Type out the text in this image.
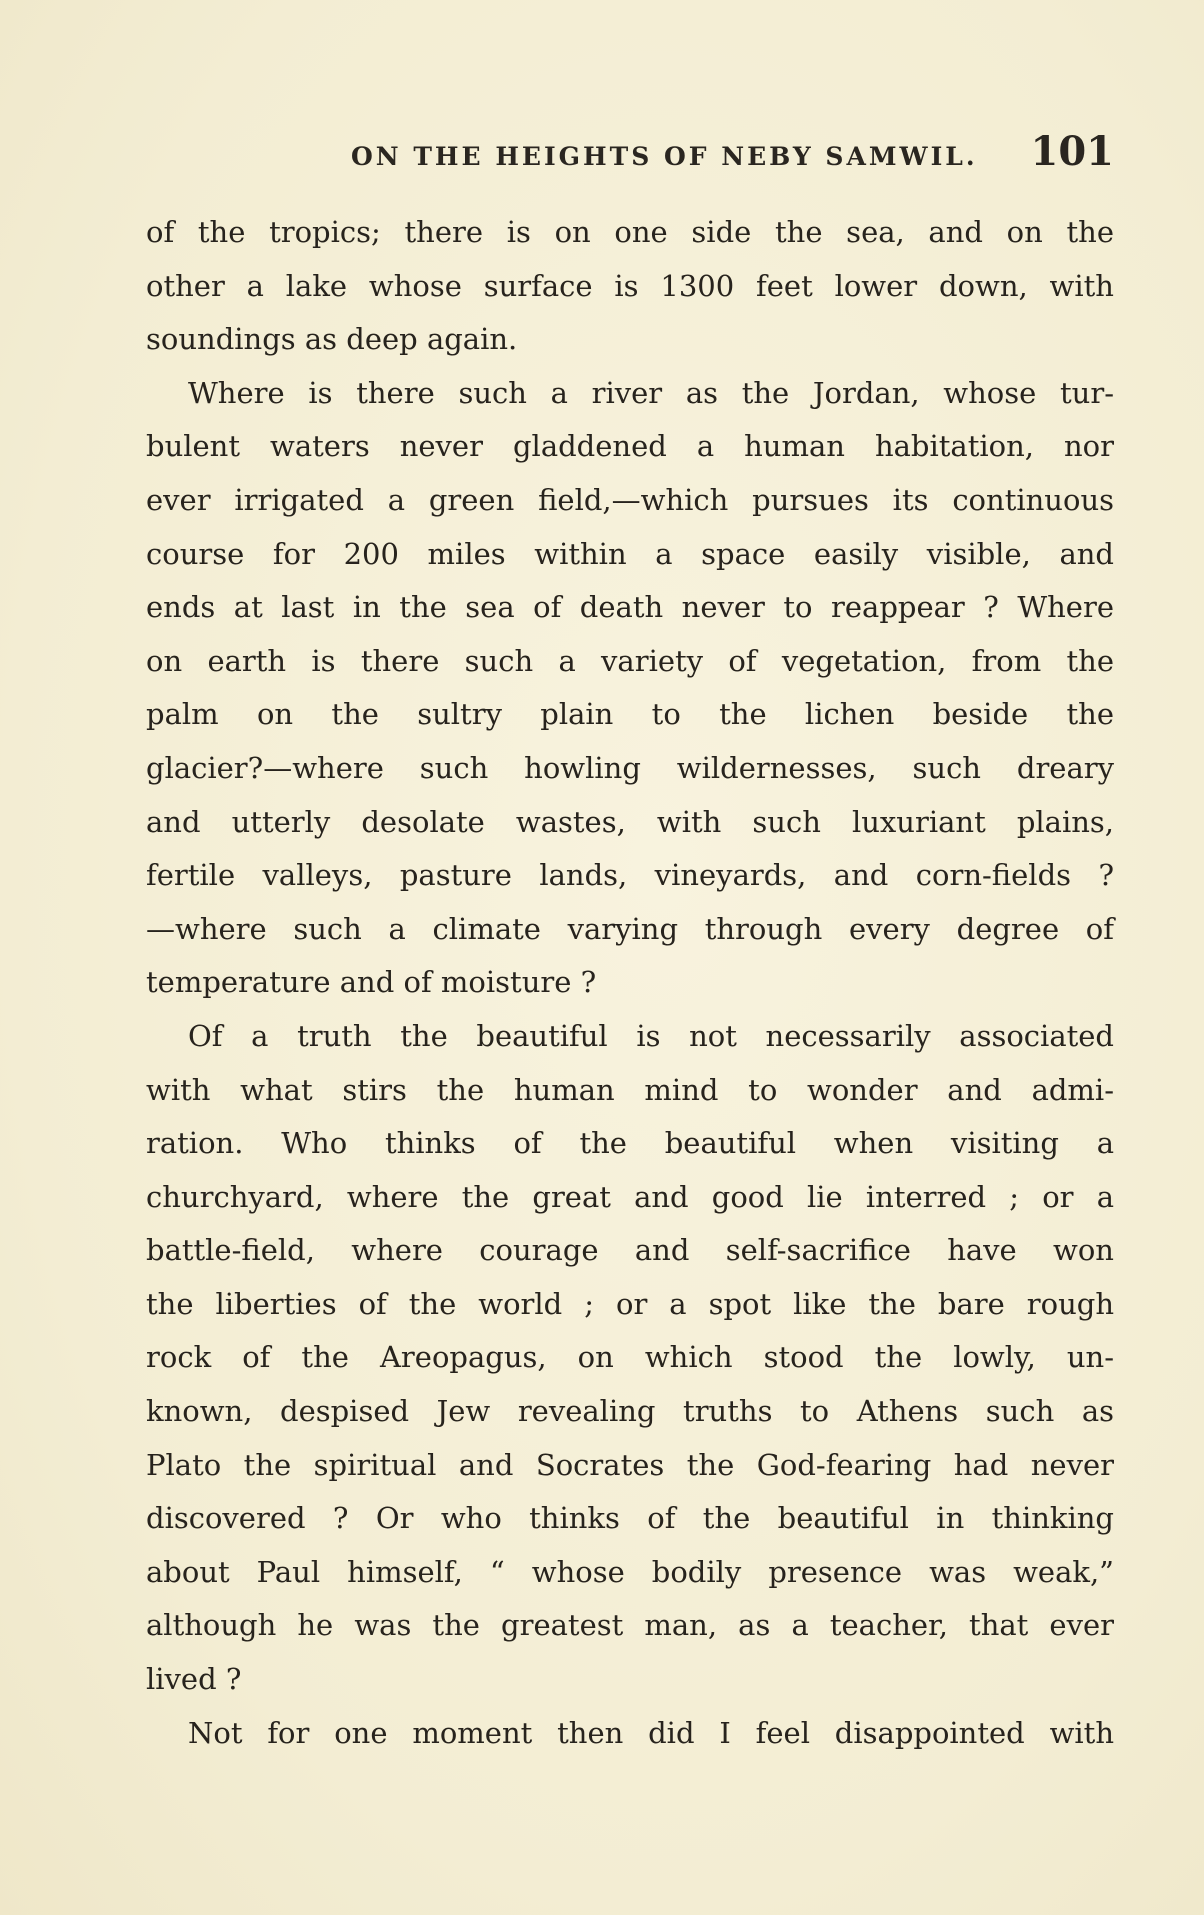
ON THE HEIGHTS OF NEBY SAMWIL. 101
of the tropics; there is on one side the sea, and on the
other a lake whose surface is 1300 feet lower down, with
soundings as deep again.
Where is there such a river as the Jordan, whose tur-
bulent waters never gladdened a human habitation, nor
ever irrigated a green field,—which pursues its continuous
course for 200 miles within a space easily visible, and
ends at last in the sea of death never to reappear ? Where
on earth is there such a variety of vegetation, from the
palm on the sultry plain to the lichen beside the
glacier?—where such howling wildernesses, such dreary
and utterly desolate wastes, with such luxuriant plains,
fertile valleys, pasture lands, vineyards, and corn-fields ?
—where such a climate varying through every degree of
temperature and of moisture ?
Of a truth the beautiful is not necessarily associated
with what stirs the human mind to wonder and admi-
ration. Who thinks of the beautiful when visiting a
churchyard, where the great and good lie interred ; or a
battle-field, where courage and self-sacrifice have won
the liberties of the world ; or a spot like the bare rough
rock of the Areopagus, on which stood the lowly, un-
known, despised Jew revealing truths to Athens such as
Plato the spiritual and Socrates the God-fearing had never
discovered ? Or who thinks of the beautiful in thinking
about Paul himself, “ whose bodily presence was weak,”
although he was the greatest man, as a teacher, that ever
lived ?
Not for one moment then did I feel disappointed with
